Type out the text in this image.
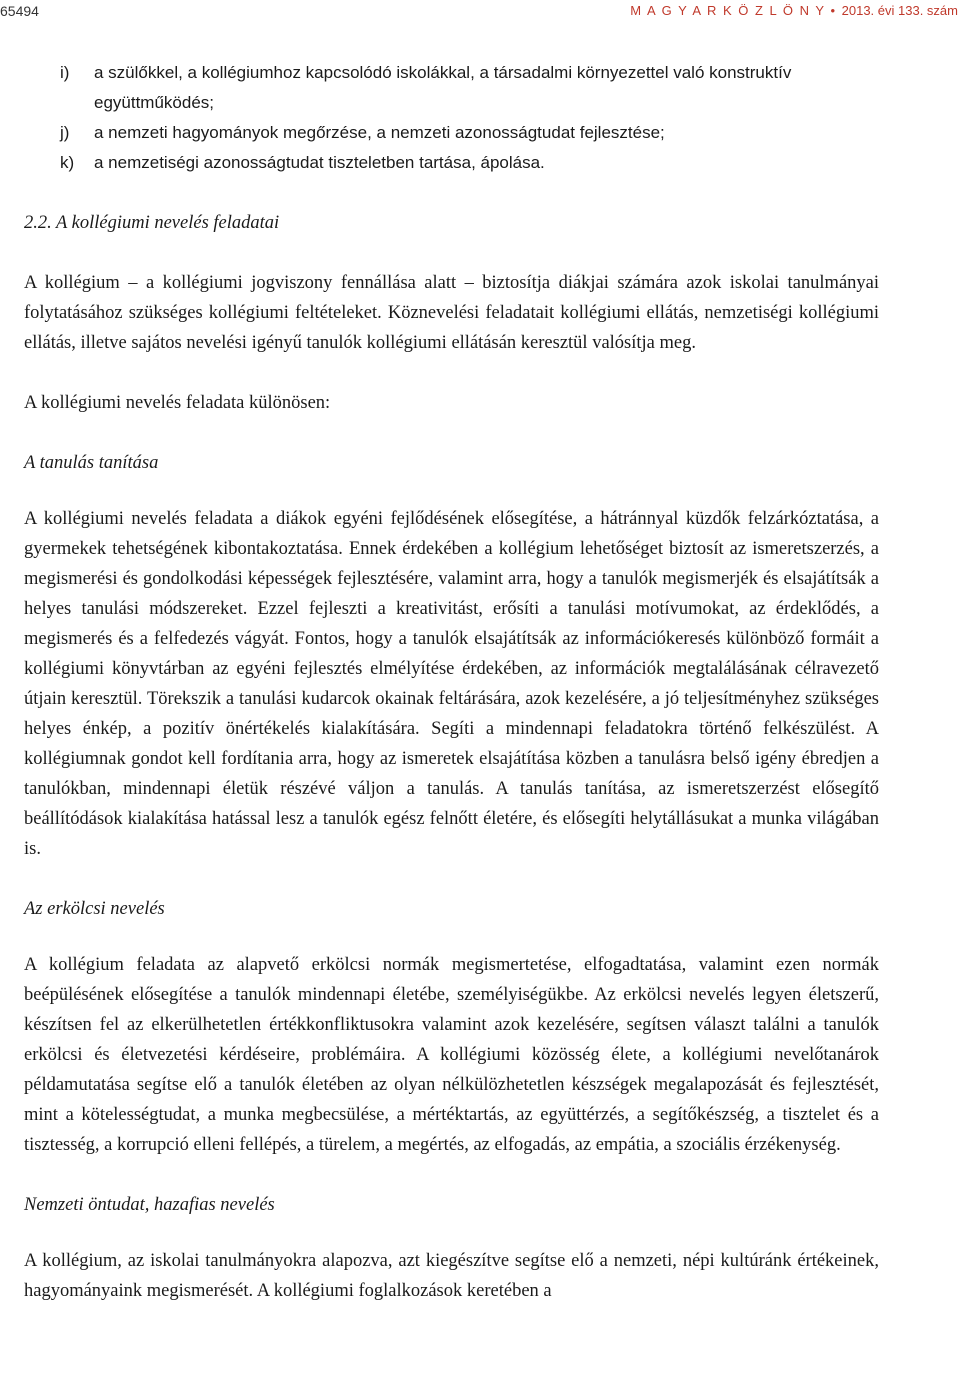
65494	M A G Y A R K Ö Z L Ö N Y • 2013. évi 133. szám
i) a szülőkkel, a kollégiumhoz kapcsolódó iskolákkal, a társadalmi környezettel való konstruktív együttműködés;
j) a nemzeti hagyományok megőrzése, a nemzeti azonosságtudat fejlesztése;
k) a nemzetiségi azonosságtudat tiszteletben tartása, ápolása.
2.2. A kollégiumi nevelés feladatai

A kollégium – a kollégiumi jogviszony fennállása alatt – biztosítja diákjai számára azok iskolai tanulmányai folytatásához szükséges kollégiumi feltételeket. Köznevelési feladatait kollégiumi ellátás, nemzetiségi kollégiumi ellátás, illetve sajátos nevelési igényű tanulók kollégiumi ellátásán keresztül valósítja meg.

A kollégiumi nevelés feladata különösen:

A tanulás tanítása

A kollégiumi nevelés feladata a diákok egyéni fejlődésének elősegítése, a hátránnyal küzdők felzárkóztatása, a gyermekek tehetségének kibontakoztatása. Ennek érdekében a kollégium lehetőséget biztosít az ismeretszerzés, a megismerési és gondolkodási képességek fejlesztésére, valamint arra, hogy a tanulók megismerjék és elsajátítsák a helyes tanulási módszereket. Ezzel fejleszti a kreativitást, erősíti a tanulási motívumokat, az érdeklődés, a megismerés és a felfedezés vágyát. Fontos, hogy a tanulók elsajátítsák az információkeresés különböző formáit a kollégiumi könyvtárban az egyéni fejlesztés elmélyítése érdekében, az információk megtalálásának célravezető útjain keresztül. Törekszik a tanulási kudarcok okainak feltárására, azok kezelésére, a jó teljesítményhez szükséges helyes énkép, a pozitív önértékelés kialakítására. Segíti a mindennapi feladatokra történő felkészülést. A kollégiumnak gondot kell fordítania arra, hogy az ismeretek elsajátítása közben a tanulásra belső igény ébredjen a tanulókban, mindennapi életük részévé váljon a tanulás. A tanulás tanítása, az ismeretszerzést elősegítő beállítódások kialakítása hatással lesz a tanulók egész felnőtt életére, és elősegíti helytállásukat a munka világában is.

Az erkölcsi nevelés

A kollégium feladata az alapvető erkölcsi normák megismertetése, elfogadtatása, valamint ezen normák beépülésének elősegítése a tanulók mindennapi életébe, személyiségükbe. Az erkölcsi nevelés legyen életszerű, készítsen fel az elkerülhetetlen értékkonfliktusokra valamint azok kezelésére, segítsen választ találni a tanulók erkölcsi és életvezetési kérdéseire, problémáira. A kollégiumi közösség élete, a kollégiumi nevelőtanárok példamutatása segítse elő a tanulók életében az olyan nélkülözhetetlen készségek megalapozását és fejlesztését, mint a kötelességtudat, a munka megbecsülése, a mértéktartás, az együttérzés, a segítőkészség, a tisztelet és a tisztesség, a korrupció elleni fellépés, a türelem, a megértés, az elfogadás, az empátia, a szociális érzékenység.

Nemzeti öntudat, hazafias nevelés

A kollégium, az iskolai tanulmányokra alapozva, azt kiegészítve segítse elő a nemzeti, népi kultúránk értékeinek, hagyományaink megismerését. A kollégiumi foglalkozások keretében a
